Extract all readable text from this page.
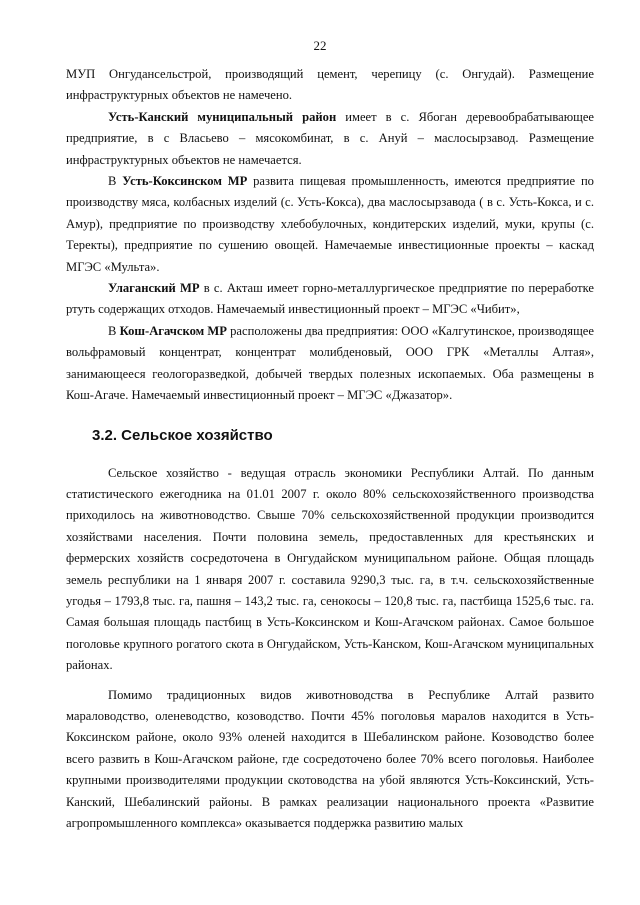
22

МУП Онгудансельстрой, производящий цемент, черепицу (с. Онгудай). Размещение инфраструктурных объектов не намечено.

Усть-Канский муниципальный район имеет в с. Ябоган деревообрабатывающее предприятие, в с Власьево – мясокомбинат, в с. Ануй – маслосырзавод. Размещение инфраструктурных объектов не намечается.

В Усть-Коксинском МР развита пищевая промышленность, имеются предприятие по производству мяса, колбасных изделий (с. Усть-Кокса), два маслосырзавода ( в с. Усть-Кокса, и с. Амур), предприятие по производству хлебобулочных, кондитерских изделий, муки, крупы (с. Теректы), предприятие по сушению овощей. Намечаемые инвестиционные проекты – каскад МГЭС «Мульта».

Улаганский МР в с. Акташ имеет горно-металлургическое предприятие по переработке ртуть содержащих отходов. Намечаемый инвестиционный проект – МГЭС «Чибит»,

В Кош-Агачском МР расположены два предприятия: ООО «Калгутинское, производящее вольфрамовый концентрат, концентрат молибденовый, ООО ГРК «Металлы Алтая», занимающееся геологоразведкой, добычей твердых полезных ископаемых. Оба размещены в Кош-Агаче. Намечаемый инвестиционный проект – МГЭС «Джазатор».

3.2. Сельское хозяйство

Сельское хозяйство - ведущая отрасль экономики Республики Алтай. По данным статистического ежегодника на 01.01 2007 г. около 80% сельскохозяйственного производства приходилось на животноводство. Свыше 70% сельскохозяйственной продукции производится хозяйствами населения. Почти половина земель, предоставленных для крестьянских и фермерских хозяйств сосредоточена в Онгудайском муниципальном районе. Общая площадь земель республики на 1 января 2007 г. составила 9290,3 тыс. га, в т.ч. сельскохозяйственные угодья – 1793,8 тыс. га, пашня – 143,2 тыс. га, сенокосы – 120,8 тыс. га, пастбища 1525,6 тыс. га. Самая большая площадь пастбищ в Усть-Коксинском и Кош-Агачском районах. Самое большое поголовье крупного рогатого скота в Онгудайском, Усть-Канском, Кош-Агачском муниципальных районах.

Помимо традиционных видов животноводства в Республике Алтай развито мараловодство, оленеводство, козоводство. Почти 45% поголовья маралов находится в Усть-Коксинском районе, около 93% оленей находится в Шебалинском районе. Козоводство более всего развить в Кош-Агачском районе, где сосредоточено более 70% всего поголовья. Наиболее крупными производителями продукции скотоводства на убой являются Усть-Коксинский, Усть-Канский, Шебалинский районы. В рамках реализации национального проекта «Развитие агропромышленного комплекса» оказывается поддержка развитию малых
